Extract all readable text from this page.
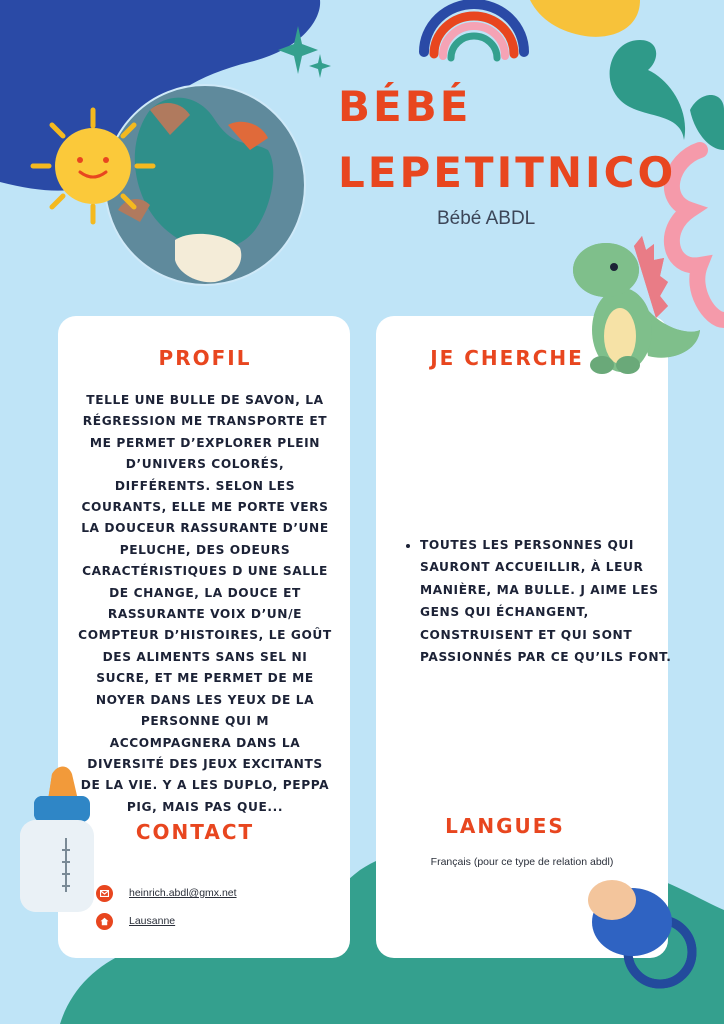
BÉBÉ
LEPETITNICO
Bébé ABDL
PROFIL
TELLE UNE BULLE DE SAVON, LA RÉGRESSION ME TRANSPORTE ET ME PERMET D’EXPLORER PLEIN D’UNIVERS COLORÉS, DIFFÉRENTS. SELON LES COURANTS, ELLE ME PORTE VERS LA DOUCEUR RASSURANTE D’UNE PELUCHE, DES ODEURS CARACTÉRISTIQUES D UNE SALLE DE CHANGE, LA DOUCE ET RASSURANTE VOIX D’UN/E COMPTEUR D’HISTOIRES, LE GOÛT DES ALIMENTS SANS SEL NI SUCRE, ET ME PERMET DE ME NOYER DANS LES YEUX DE LA PERSONNE QUI M ACCOMPAGNERA DANS LA DIVERSITÉ DES JEUX EXCITANTS DE LA VIE. Y A LES DUPLO, PEPPA PIG, MAIS PAS QUE...
JE CHERCHE
• TOUTES LES PERSONNES QUI SAURONT ACCUEILLIR, À LEUR MANIÈRE, MA BULLE. J AIME LES GENS QUI ÉCHANGENT, CONSTRUISENT ET QUI SONT PASSIONNÉS PAR CE QU’ILS FONT.
CONTACT
heinrich.abdl@gmx.net
Lausanne
LANGUES
Français (pour ce type de relation abdl)
